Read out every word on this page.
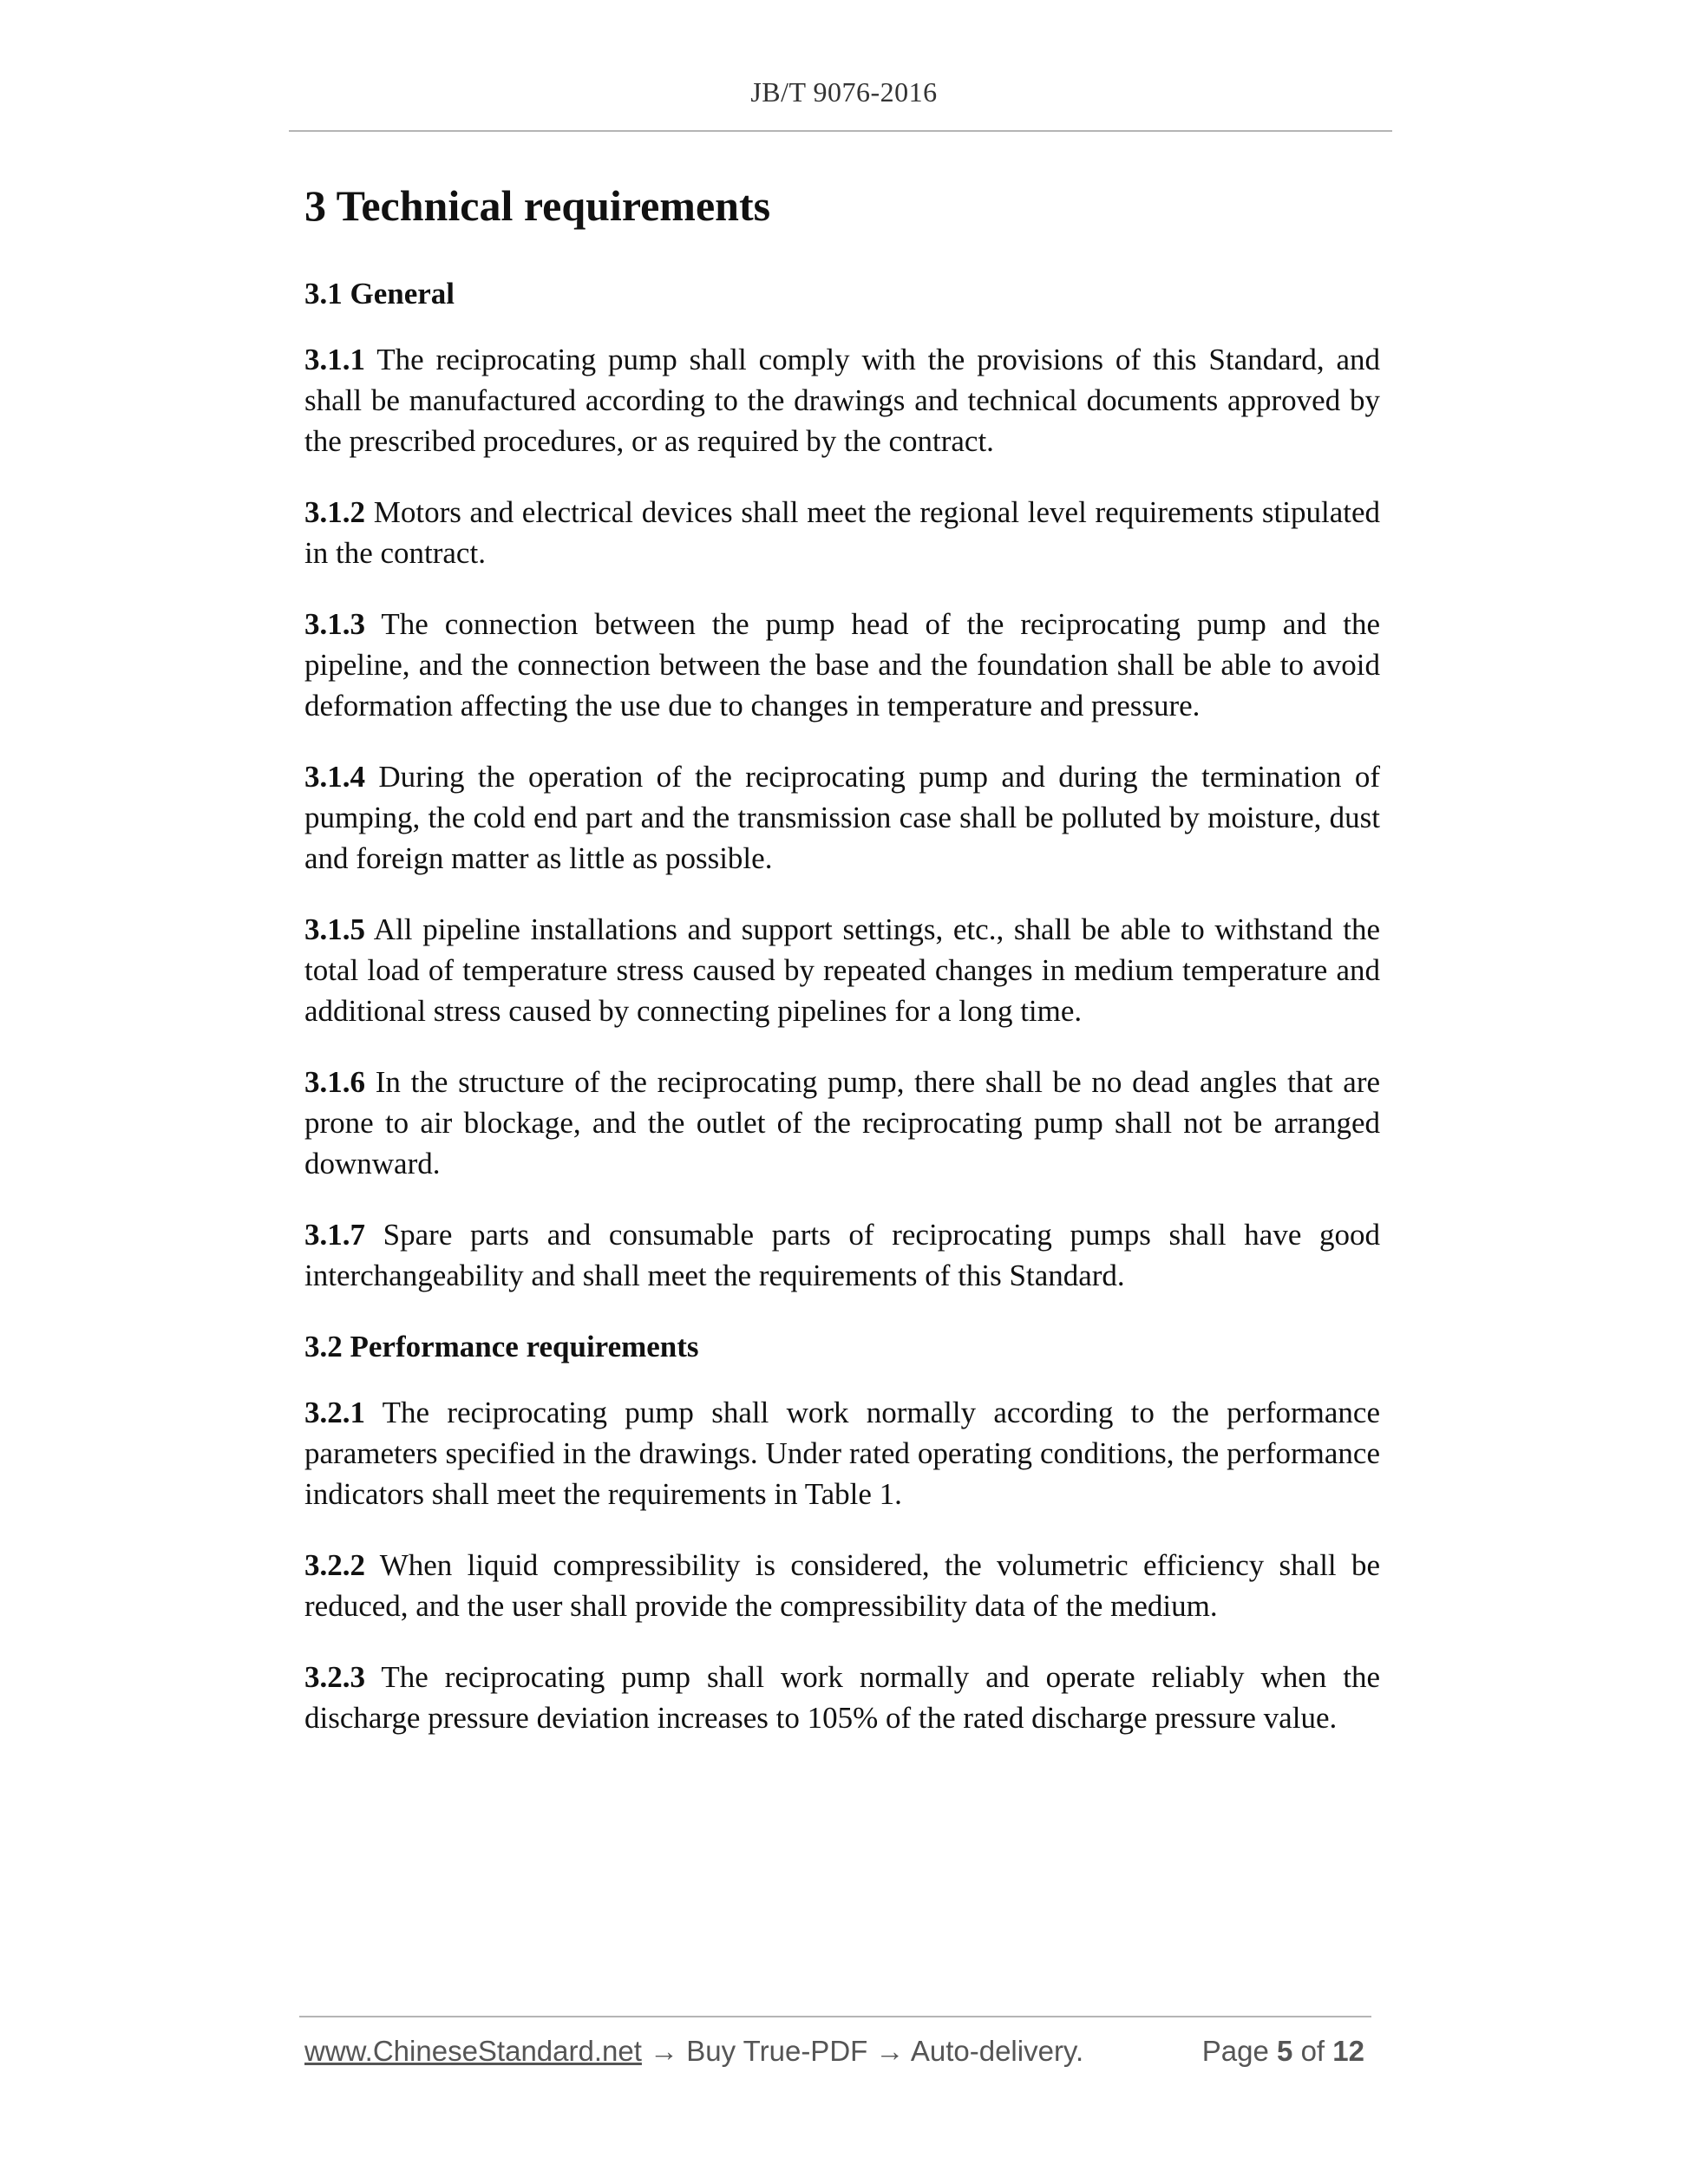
JB/T 9076-2016
3 Technical requirements
3.1 General

3.1.1 The reciprocating pump shall comply with the provisions of this Standard, and shall be manufactured according to the drawings and technical documents approved by the prescribed procedures, or as required by the contract.

3.1.2 Motors and electrical devices shall meet the regional level requirements stipulated in the contract.

3.1.3 The connection between the pump head of the reciprocating pump and the pipeline, and the connection between the base and the foundation shall be able to avoid deformation affecting the use due to changes in temperature and pressure.

3.1.4 During the operation of the reciprocating pump and during the termination of pumping, the cold end part and the transmission case shall be polluted by moisture, dust and foreign matter as little as possible.

3.1.5 All pipeline installations and support settings, etc., shall be able to withstand the total load of temperature stress caused by repeated changes in medium temperature and additional stress caused by connecting pipelines for a long time.

3.1.6 In the structure of the reciprocating pump, there shall be no dead angles that are prone to air blockage, and the outlet of the reciprocating pump shall not be arranged downward.

3.1.7 Spare parts and consumable parts of reciprocating pumps shall have good interchangeability and shall meet the requirements of this Standard.

3.2 Performance requirements

3.2.1 The reciprocating pump shall work normally according to the performance parameters specified in the drawings. Under rated operating conditions, the performance indicators shall meet the requirements in Table 1.

3.2.2 When liquid compressibility is considered, the volumetric efficiency shall be reduced, and the user shall provide the compressibility data of the medium.

3.2.3 The reciprocating pump shall work normally and operate reliably when the discharge pressure deviation increases to 105% of the rated discharge pressure value.

www.ChineseStandard.net → Buy True-PDF → Auto-delivery.	Page 5 of 12
